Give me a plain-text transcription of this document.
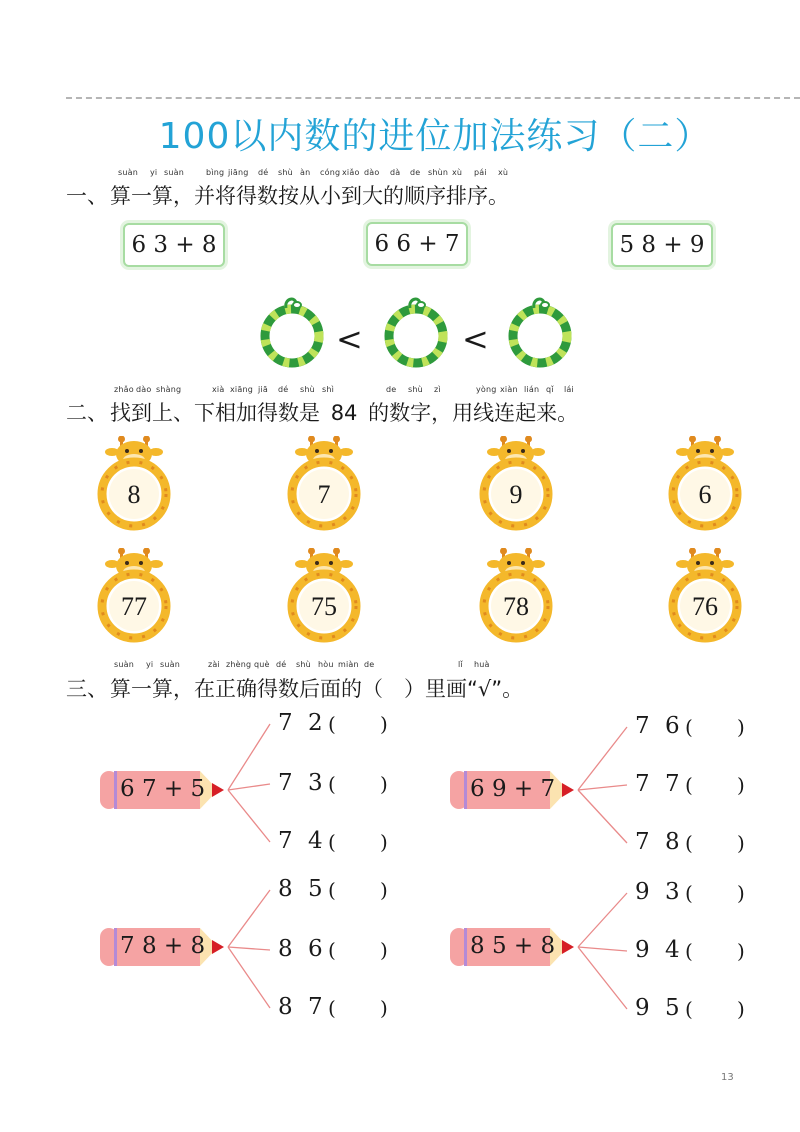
100以内数的进位加法练习（二）
suàn yi suàn	bìng jiāng dé shù àn cóng xiǎo dào dà de shùn xù pái xù
一、算一算，并将得数按从小到大的顺序排序。
6 3 + 8	6 6 + 7	5 8 + 9
<	<
zhǎo dào shàng	xià xiāng jiā dé shù shì	de shù zì	yòng xiàn lián qǐ lái
二、找到上、下相加得数是 84 的数字，用线连起来。
8	7	9	6
77	75	78	76
suàn yi suàn	zài zhèng què dé shù hòu miàn de	lǐ huà
三、算一算，在正确得数后面的（　）里画“√”。
6 7 + 5
7 2 ( )
7 3 ( )
7 4 ( )
6 9 + 7
7 6 ( )
7 7 ( )
7 8 ( )
7 8 + 8
8 5 ( )
8 6 ( )
8 7 ( )
8 5 + 8
9 3 ( )
9 4 ( )
9 5 ( )
13
